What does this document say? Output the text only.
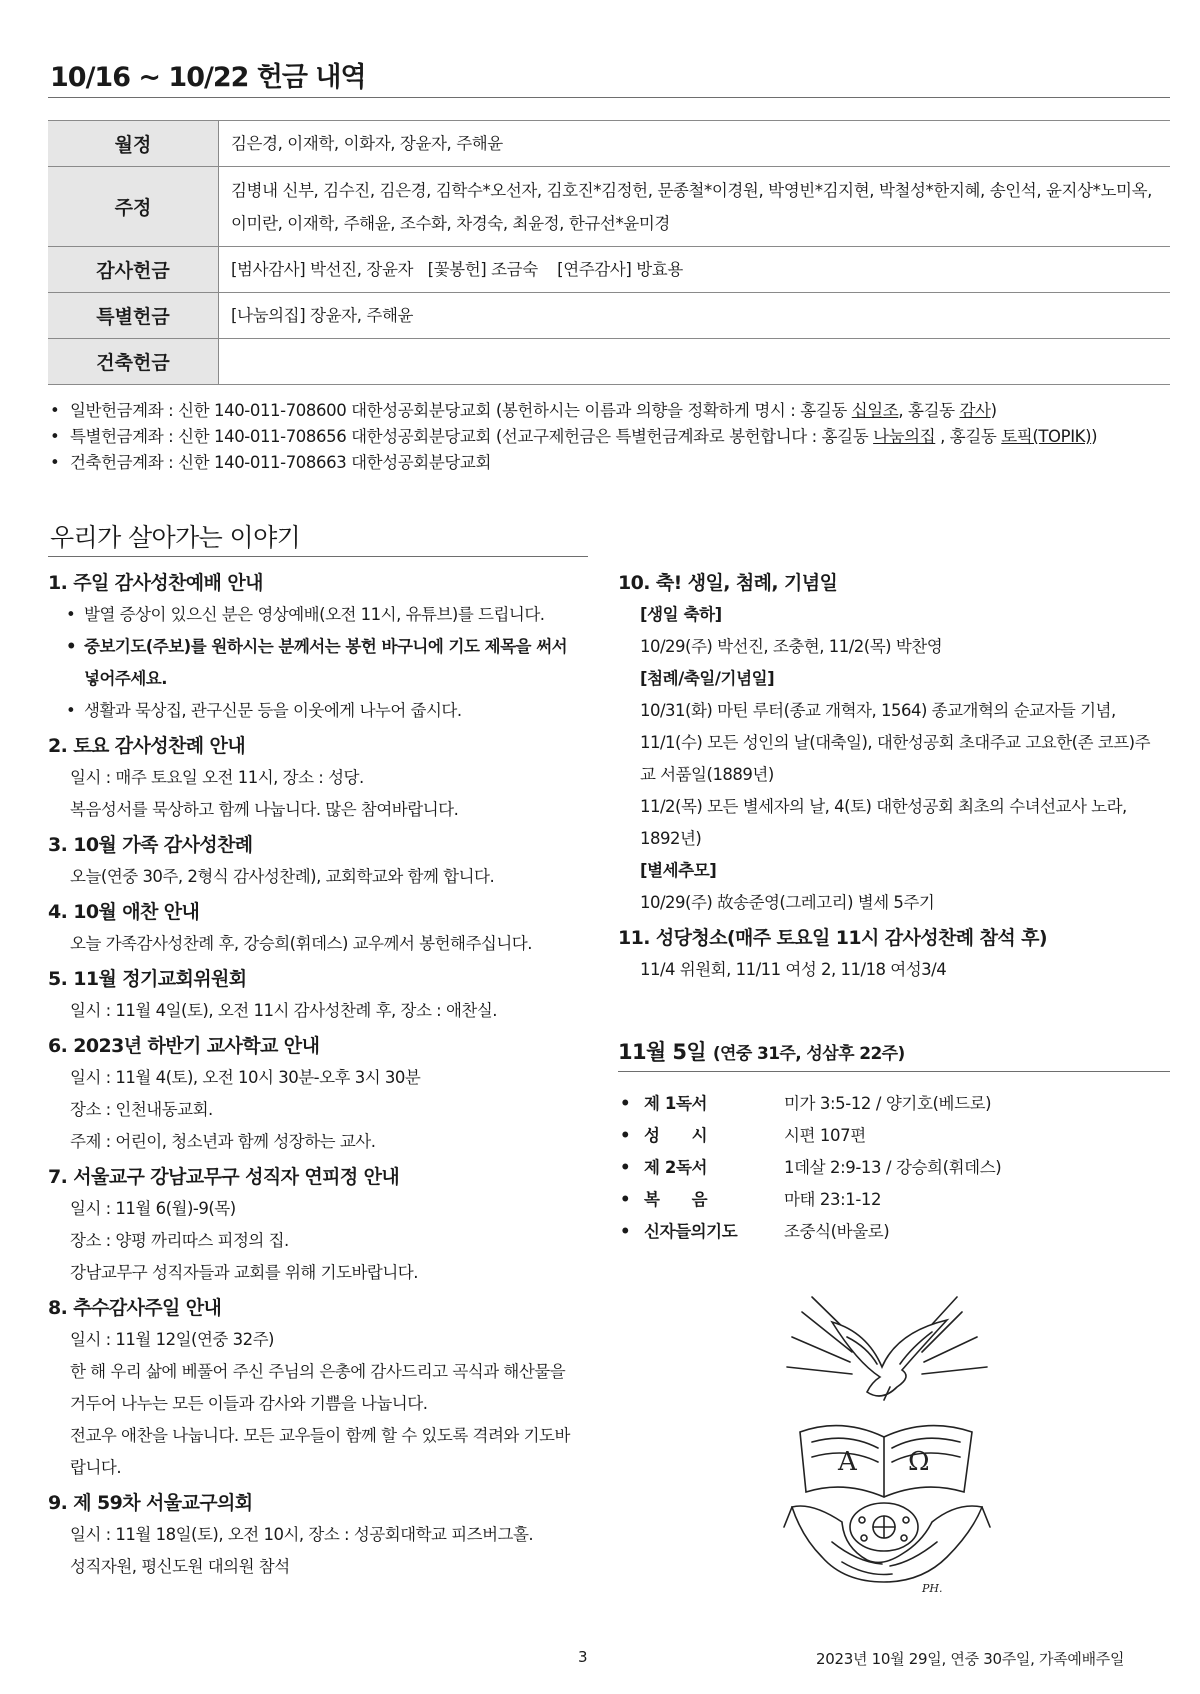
10/16 ~ 10/22 헌금 내역
월정	김은경, 이재학, 이화자, 장윤자, 주해윤
주정	김병내 신부, 김수진, 김은경, 김학수*오선자, 김호진*김정헌, 문종철*이경원, 박영빈*김지현, 박철성*한지혜, 송인석, 윤지상*노미옥, 이미란, 이재학, 주해윤, 조수화, 차경숙, 최윤정, 한규선*윤미경
감사헌금	[범사감사] 박선진, 장윤자 [꽃봉헌] 조금숙 [연주감사] 방효용
특별헌금	[나눔의집] 장윤자, 주해윤
건축헌금	
• 일반헌금계좌 : 신한 140-011-708600 대한성공회분당교회 (봉헌하시는 이름과 의향을 정확하게 명시 : 홍길동 십일조, 홍길동 감사)
• 특별헌금계좌 : 신한 140-011-708656 대한성공회분당교회 (선교구제헌금은 특별헌금계좌로 봉헌합니다 : 홍길동 나눔의집 , 홍길동 토픽(TOPIK))
• 건축헌금계좌 : 신한 140-011-708663 대한성공회분당교회
우리가 살아가는 이야기
1. 주일 감사성찬예배 안내
• 발열 증상이 있으신 분은 영상예배(오전 11시, 유튜브)를 드립니다.
• 중보기도(주보)를 원하시는 분께서는 봉헌 바구니에 기도 제목을 써서
넣어주세요.
• 생활과 묵상집, 관구신문 등을 이웃에게 나누어 줍시다.
2. 토요 감사성찬례 안내
일시 : 매주 토요일 오전 11시, 장소 : 성당.
복음성서를 묵상하고 함께 나눕니다. 많은 참여바랍니다.
3. 10월 가족 감사성찬례
오늘(연중 30주, 2형식 감사성찬례), 교회학교와 함께 합니다.
4. 10월 애찬 안내
오늘 가족감사성찬례 후, 강승희(휘데스) 교우께서 봉헌해주십니다.
5. 11월 정기교회위원회
일시 : 11월 4일(토), 오전 11시 감사성찬례 후, 장소 : 애찬실.
6. 2023년 하반기 교사학교 안내
일시 : 11월 4(토), 오전 10시 30분-오후 3시 30분
장소 : 인천내동교회.
주제 : 어린이, 청소년과 함께 성장하는 교사.
7. 서울교구 강남교무구 성직자 연피정 안내
일시 : 11월 6(월)-9(목)
장소 : 양평 까리따스 피정의 집.
강남교무구 성직자들과 교회를 위해 기도바랍니다.
8. 추수감사주일 안내
일시 : 11월 12일(연중 32주)
한 해 우리 삶에 베풀어 주신 주님의 은총에 감사드리고 곡식과 해산물을
거두어 나누는 모든 이들과 감사와 기쁨을 나눕니다.
전교우 애찬을 나눕니다. 모든 교우들이 함께 할 수 있도록 격려와 기도바
랍니다.
9. 제 59차 서울교구의회
일시 : 11월 18일(토), 오전 10시, 장소 : 성공회대학교 피즈버그홀.
성직자원, 평신도원 대의원 참석
10. 축! 생일, 첨례, 기념일
[생일 축하]
10/29(주) 박선진, 조충현, 11/2(목) 박찬영
[첨례/축일/기념일]
10/31(화) 마틴 루터(종교 개혁자, 1564) 종교개혁의 순교자들 기념,
11/1(수) 모든 성인의 날(대축일), 대한성공회 초대주교 고요한(존 코프)주
교 서품일(1889년)
11/2(목) 모든 별세자의 날, 4(토) 대한성공회 최초의 수녀선교사 노라,
1892년)
[별세추모]
10/29(주) 故송준영(그레고리) 별세 5주기
11. 성당청소(매주 토요일 11시 감사성찬례 참석 후)
11/4 위원회, 11/11 여성 2, 11/18 여성3/4
11월 5일 (연중 31주, 성삼후 22주)
• 제 1독서	미가 3:5-12 / 양기호(베드로)
• 성      시	시편 107편
• 제 2독서	1데살 2:9-13 / 강승희(휘데스)
• 복      음	마태 23:1-12
• 신자들의기도	조중식(바울로)
A Ω
PH.
3	2023년 10월 29일, 연중 30주일, 가족예배주일
